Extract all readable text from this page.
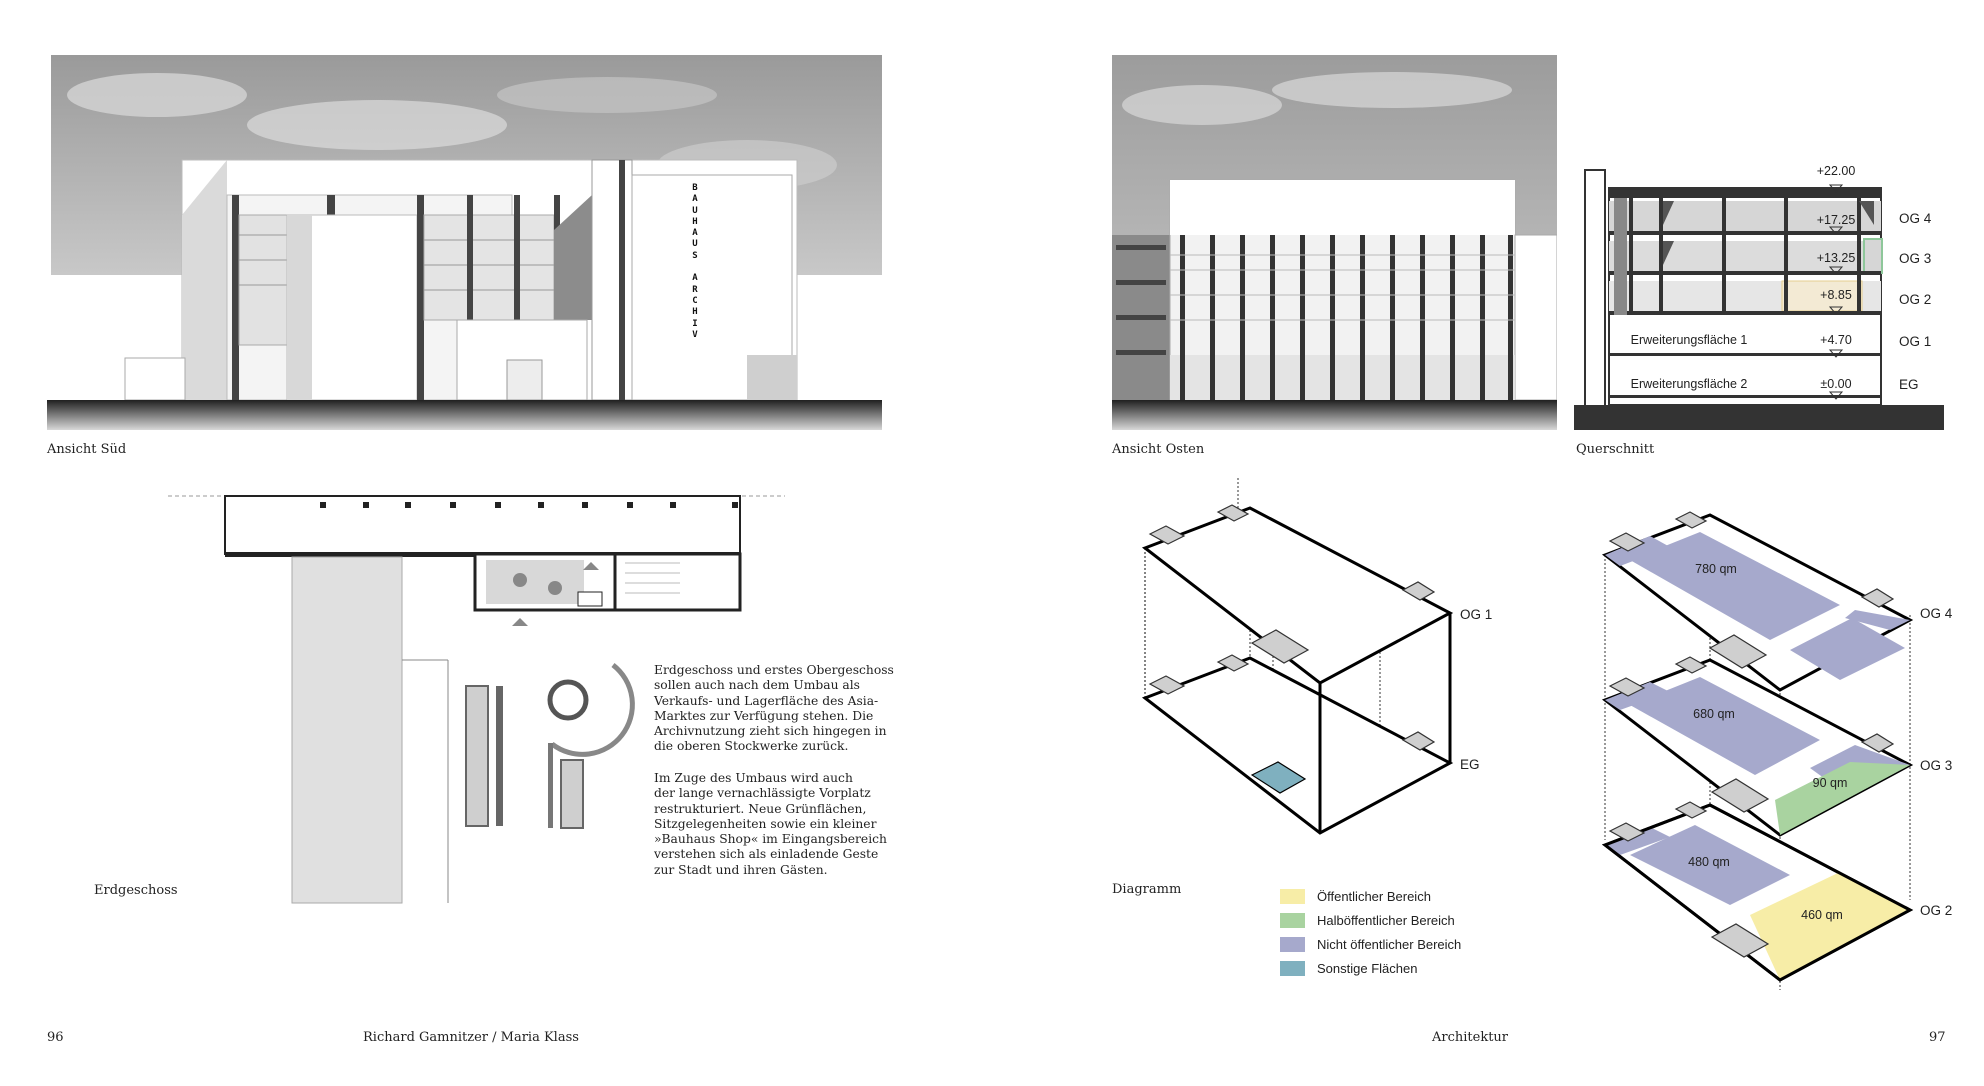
B
A
U
H
A
U
S
A
R
C
H
I
V
Ansicht Süd
Erdgeschoss
Erdgeschoss und erstes Obergeschoss
sollen auch nach dem Umbau als
Verkaufs- und Lagerfläche des Asia-
Marktes zur Verfügung stehen. Die
Archivnutzung zieht sich hingegen in
die oberen Stockwerke zurück.
Im Zuge des Umbaus wird auch
der lange vernachlässigte Vorplatz
restrukturiert. Neue Grünflächen,
Sitzgelegenheiten sowie ein kleiner
»Bauhaus Shop« im Eingangsbereich
verstehen sich als einladende Geste
zur Stadt und ihren Gästen.
96	Richard Gamnitzer / Maria Klass
Ansicht Osten
+22.00
+17.25
+13.25
+8.85
+4.70
±0.00
Erweiterungsfläche 1
Erweiterungsfläche 2
OG 4
OG 3
OG 2
OG 1
EG
Querschnitt
OG 1
EG
Diagramm	Öffentlicher Bereich
Halböffentlicher Bereich
Nicht öffentlicher Bereich
Sonstige Flächen
780 qm
680 qm
90 qm
480 qm
460 qm
OG 4
OG 3
OG 2
Architektur	97
